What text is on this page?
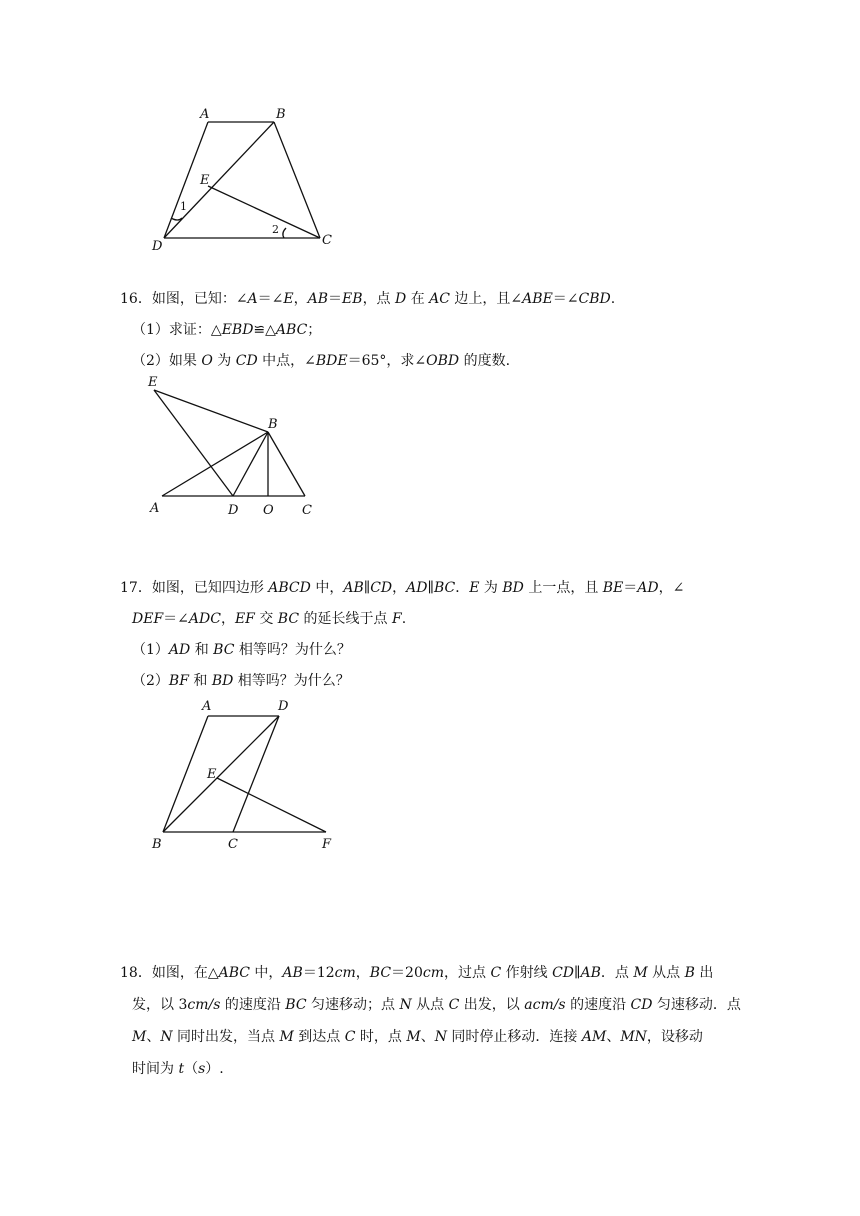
A	B
E
D	C
1
2

16．如图，已知：∠A＝∠E，AB＝EB，点 D 在 AC 边上，且∠ABE＝∠CBD.

（1）求证：△EBD≌△ABC；

（2）如果 O 为 CD 中点，∠BDE＝65°，求∠OBD 的度数.

E
B
A	D O C

17．如图，已知四边形 ABCD 中，AB∥CD，AD∥BC．E 为 BD 上一点，且 BE＝AD，∠

DEF＝∠ADC，EF 交 BC 的延长线于点 F.

（1）AD 和 BC 相等吗？为什么？

（2）BF 和 BD 相等吗？为什么？

A	D
E
B	C	F

18．如图，在△ABC 中，AB＝12cm，BC＝20cm，过点 C 作射线 CD∥AB．点 M 从点 B 出

发，以 3cm/s 的速度沿 BC 匀速移动；点 N 从点 C 出发，以 acm/s 的速度沿 CD 匀速移动．点

M、N 同时出发，当点 M 到达点 C 时，点 M、N 同时停止移动．连接 AM、MN，设移动

时间为 t（s）.
